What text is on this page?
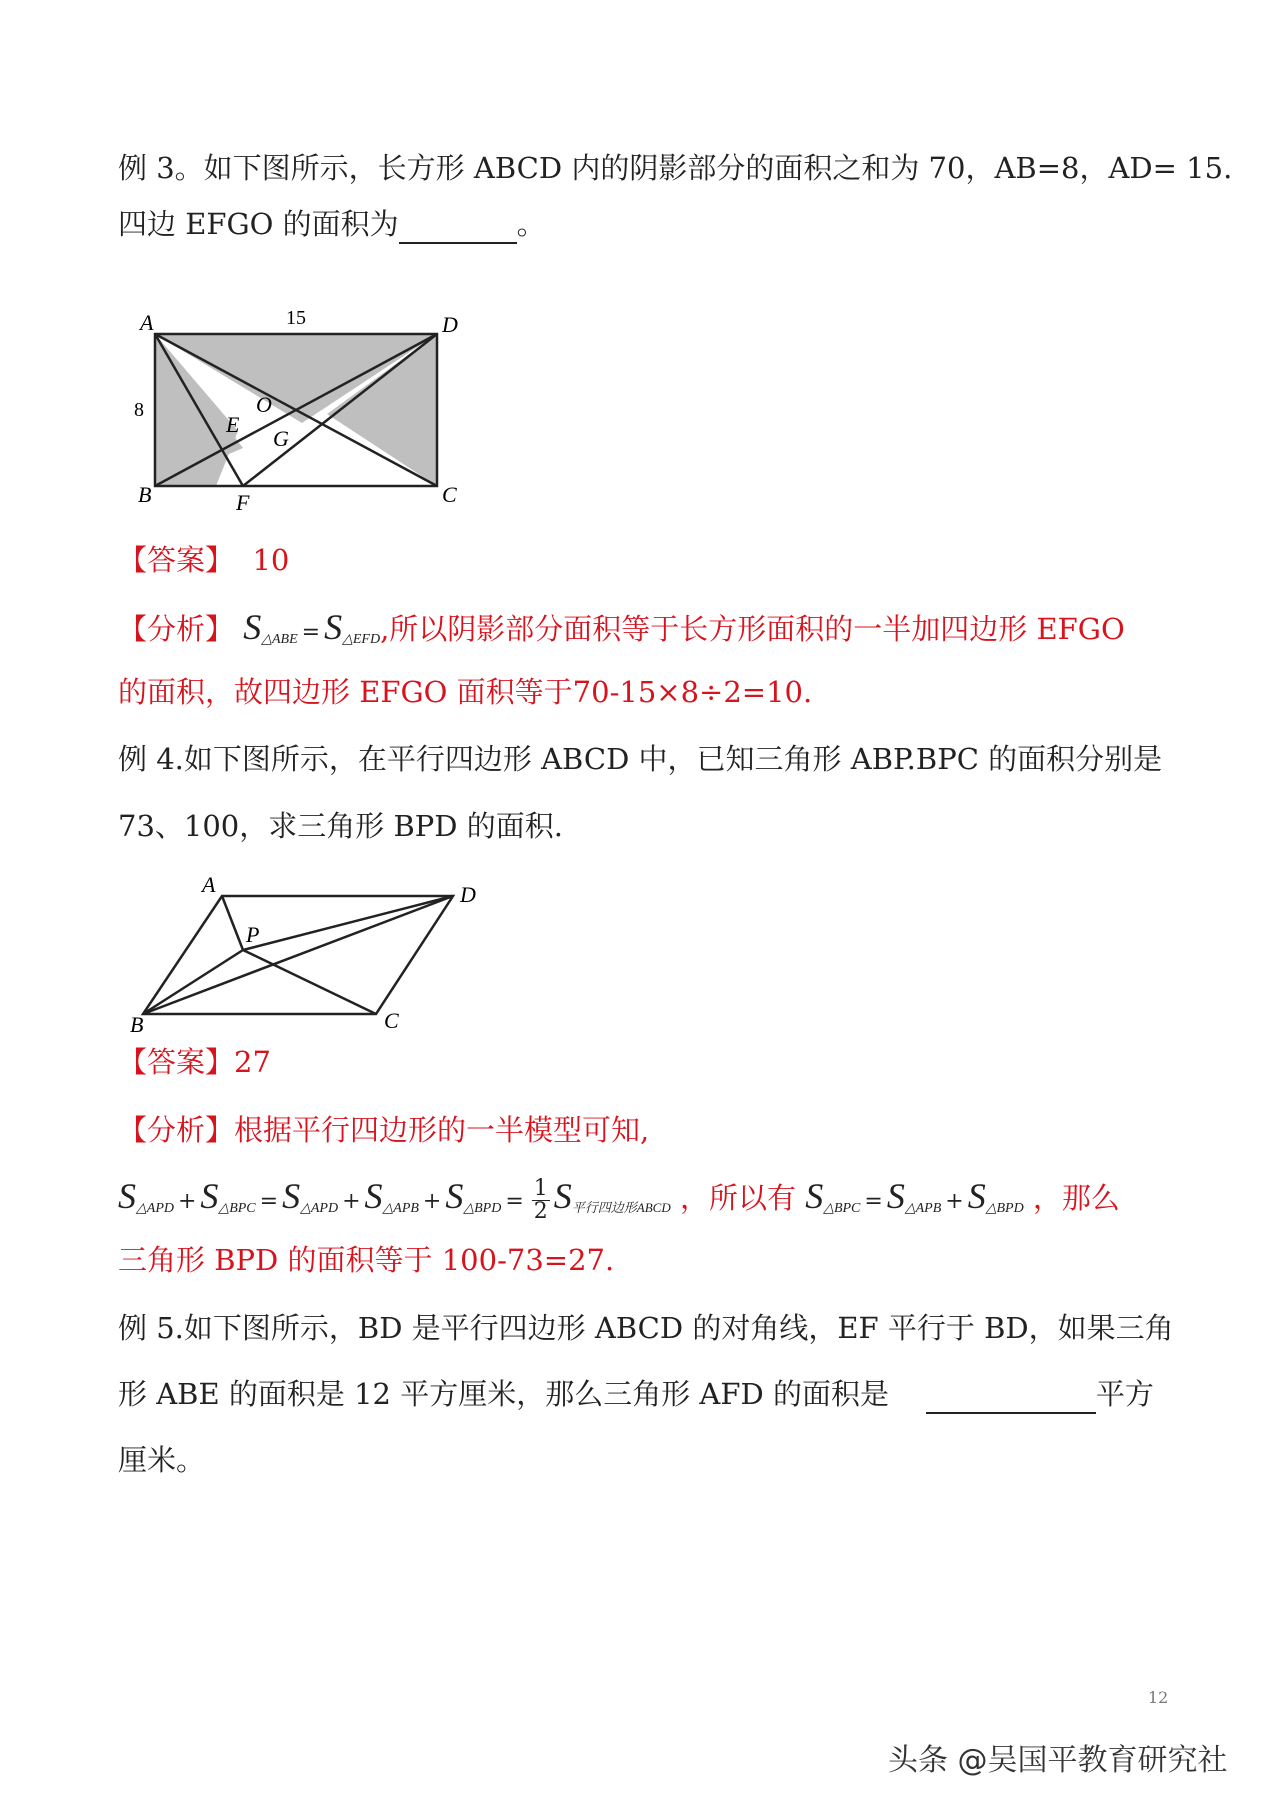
例 3。如下图所示，长方形 ABCD 内的阴影部分的面积之和为 70，AB=8，AD= 15.
四边 EFGO 的面积为	。
A	D
B	C
F
E
O
G
15
8
【答案】 10
【分析】 $S_{\triangle ABE} = S_{\triangle EFD}$,所以阴影部分面积等于长方形面积的一半加四边形 EFGO
的面积，故四边形 EFGO 面积等于70-15×8÷2=10.
例 4.如下图所示，在平行四边形 ABCD 中，已知三角形 ABP.BPC 的面积分别是
73、100，求三角形 BPD 的面积.
A	D
B	C
P
【答案】27
【分析】根据平行四边形的一半模型可知,
$S_{\triangle APD} + S_{\triangle BPC} = S_{\triangle APD} + S_{\triangle APB} + S_{\triangle BPD} = \frac{1}{2} S_{平行四边形ABCD}$ ，所以有 $S_{\triangle BPC} = S_{\triangle APB} + S_{\triangle BPD}$ ，那么
三角形 BPD 的面积等于 100-73=27.
例 5.如下图所示，BD 是平行四边形 ABCD 的对角线，EF 平行于 BD，如果三角
形 ABE 的面积是 12 平方厘米，那么三角形 AFD 的面积是	平方
厘米。
12
头条 @吴国平教育研究社
